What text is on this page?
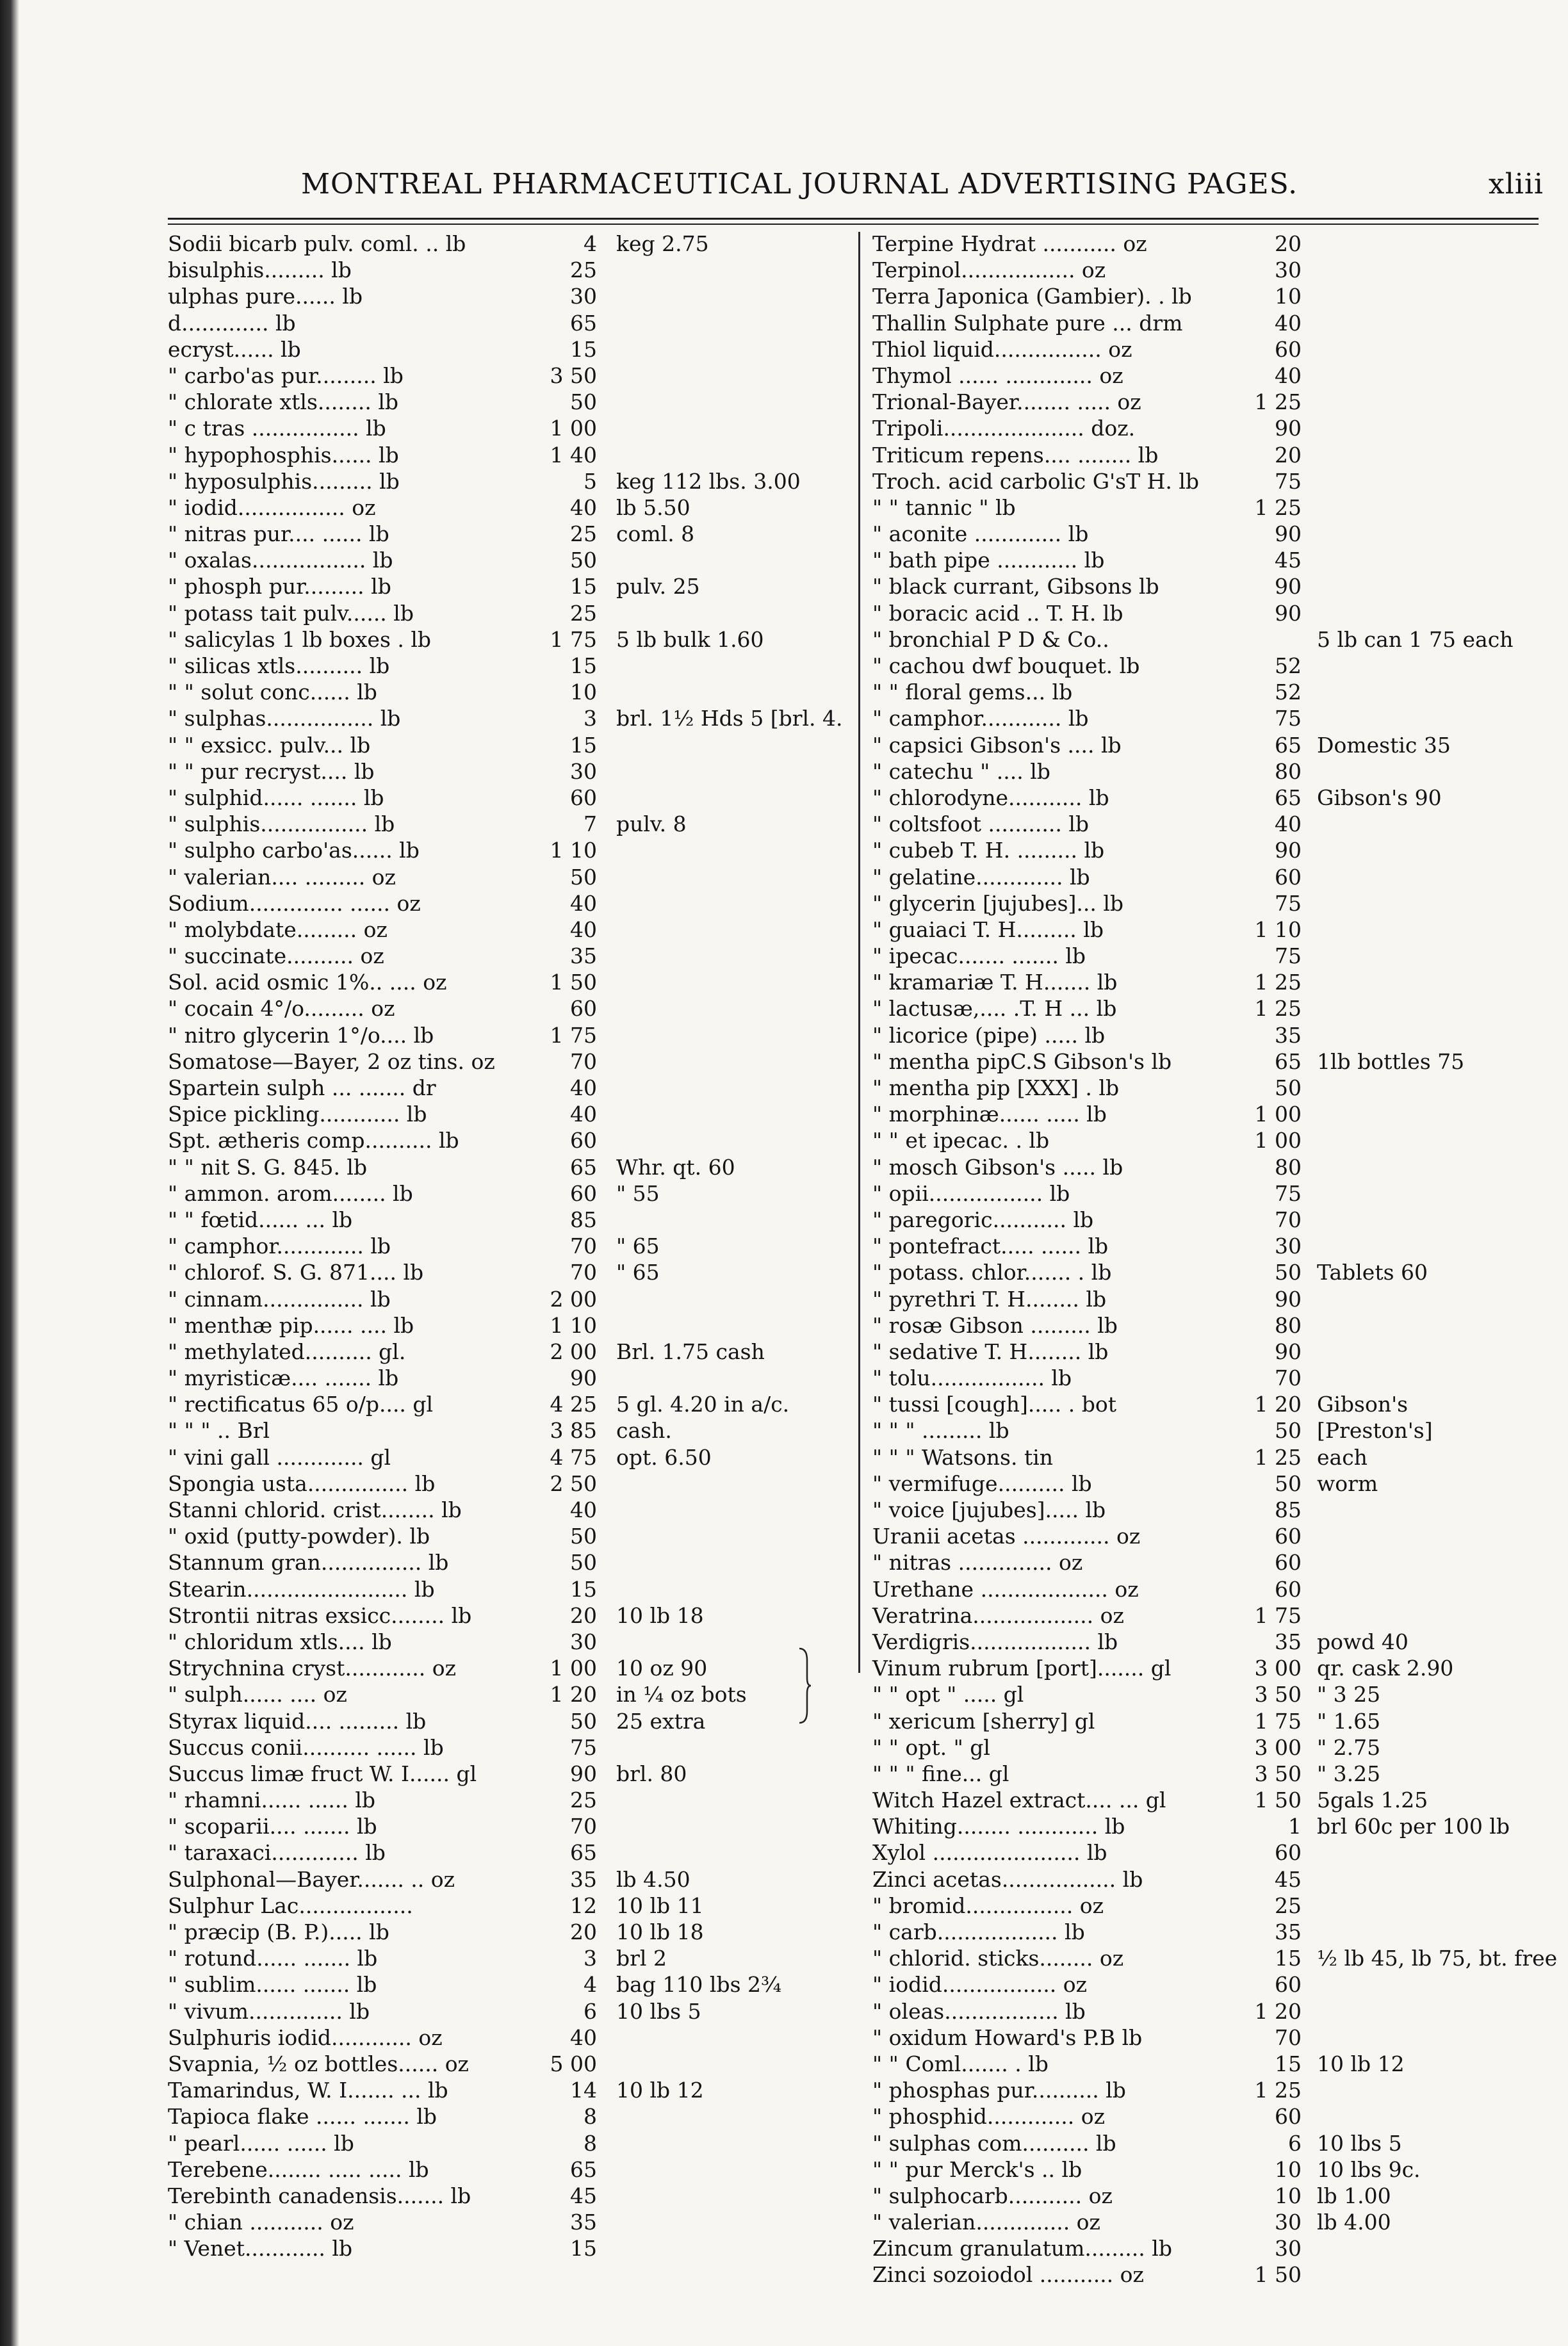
MONTREAL PHARMACEUTICAL JOURNAL ADVERTISING PAGES.	xliii
Sodii bicarb pulv. coml. .. lb	4 keg 2.75
bisulphis......... lb	25
ulphas pure...... lb	30
d............. lb	65
ecryst...... lb	15
" carbo'as pur......... lb	3 50
" chlorate xtls........ lb	50
" c tras ................ lb	1 00
" hypophosphis...... lb	1 40
" hyposulphis......... lb	5 keg 112 lbs. 3.00
" iodid................ oz	40 lb 5.50
" nitras pur.... ...... lb	25 coml. 8
" oxalas................. lb	50
" phosph pur......... lb	15 pulv. 25
" potass tait pulv...... lb	25
" salicylas 1 lb boxes . lb	1 75 5 lb bulk 1.60
" silicas xtls.......... lb	15
" " solut conc...... lb	10
" sulphas................ lb	3 brl. 1½ Hds 5 [brl. 4.
" " exsicc. pulv... lb	15
" " pur recryst.... lb	30
" sulphid...... ....... lb	60
" sulphis................ lb	7 pulv. 8
" sulpho carbo'as...... lb	1 10
" valerian.... ......... oz	50
Sodium.............. ...... oz	40
" molybdate......... oz	40
" succinate.......... oz	35
Sol. acid osmic 1%.. .... oz	1 50
" cocain 4°/o......... oz	60
" nitro glycerin 1°/o.... lb	1 75
Somatose—Bayer, 2 oz tins. oz	70
Spartein sulph ... ....... dr	40
Spice pickling............ lb	40
Spt. ætheris comp.......... lb	60
" " nit S. G. 845. lb	65 Whr. qt. 60
" ammon. arom........ lb	60 " 55
" " fœtid...... ... lb	85
" camphor............. lb	70 " 65
" chlorof. S. G. 871.... lb	70 " 65
" cinnam............... lb	2 00
" menthæ pip...... .... lb	1 10
" methylated.......... gl.	2 00 Brl. 1.75 cash
" myristicæ.... ....... lb	90
" rectificatus 65 o/p.... gl	4 25 5 gl. 4.20 in a/c.
" " " .. Brl	3 85 cash.
" vini gall ............. gl	4 75 opt. 6.50
Spongia usta............... lb	2 50
Stanni chlorid. crist........ lb	40
" oxid (putty-powder). lb	50
Stannum gran............... lb	50
Stearin........................ lb	15
Strontii nitras exsicc........ lb	20 10 lb 18
" chloridum xtls.... lb	30
Strychnina cryst............ oz	1 00 10 oz 90
" sulph...... .... oz	1 20 in ¼ oz bots
Styrax liquid.... ......... lb	50 25 extra
Succus conii.......... ...... lb	75
Succus limæ fruct W. I...... gl	90 brl. 80
" rhamni...... ...... lb	25
" scoparii.... ....... lb	70
" taraxaci............. lb	65
Sulphonal—Bayer....... .. oz	35 lb 4.50
Sulphur Lac.................	12 10 lb 11
" præcip (B. P.)..... lb	20 10 lb 18
" rotund...... ....... lb	3 brl 2
" sublim...... ....... lb	4 bag 110 lbs 2¾
" vivum.............. lb	6 10 lbs 5
Sulphuris iodid............ oz	40
Svapnia, ½ oz bottles...... oz	5 00
Tamarindus, W. I....... ... lb	14 10 lb 12
Tapioca flake ...... ....... lb	8
" pearl...... ...... lb	8
Terebene........ ..... ..... lb	65
Terebinth canadensis....... lb	45
" chian ........... oz	35
" Venet............ lb	15
Terpine Hydrat ........... oz	20
Terpinol................. oz	30
Terra Japonica (Gambier). . lb	10
Thallin Sulphate pure ... drm	40
Thiol liquid................ oz	60
Thymol ...... ............. oz	40
Trional-Bayer........ ..... oz	1 25
Tripoli..................... doz.	90
Triticum repens.... ........ lb	20
Troch. acid carbolic G'sT H. lb	75
" " tannic " lb	1 25
" aconite ............. lb	90
" bath pipe ............ lb	45
" black currant, Gibsons lb	90
" boracic acid .. T. H. lb	90
" bronchial P D & Co..	5 lb can 1 75 each
" cachou dwf bouquet. lb	52
" " floral gems... lb	52
" camphor............ lb	75
" capsici Gibson's .... lb	65 Domestic 35
" catechu " .... lb	80
" chlorodyne........... lb	65 Gibson's 90
" coltsfoot ........... lb	40
" cubeb T. H. ......... lb	90
" gelatine............. lb	60
" glycerin [jujubes]... lb	75
" guaiaci T. H......... lb	1 10
" ipecac....... ....... lb	75
" kramariæ T. H....... lb	1 25
" lactusæ,.... .T. H ... lb	1 25
" licorice (pipe) ..... lb	35
" mentha pipC.S Gibson's lb	65 1lb bottles 75
" mentha pip [XXX] . lb	50
" morphinæ...... ..... lb	1 00
" " et ipecac. . lb	1 00
" mosch Gibson's ..... lb	80
" opii................. lb	75
" paregoric........... lb	70
" pontefract..... ...... lb	30
" potass. chlor....... . lb	50 Tablets 60
" pyrethri T. H........ lb	90
" rosæ Gibson ......... lb	80
" sedative T. H........ lb	90
" tolu................. lb	70
" tussi [cough]..... . bot	1 20 Gibson's
" " " ......... lb	50 [Preston's]
" " " Watsons. tin	1 25 each
" vermifuge.......... lb	50 worm
" voice [jujubes]..... lb	85
Uranii acetas ............. oz	60
" nitras .............. oz	60
Urethane ................... oz	60
Veratrina.................. oz	1 75
Verdigris.................. lb	35 powd 40
Vinum rubrum [port]....... gl	3 00 qr. cask 2.90
" " opt " ..... gl	3 50 " 3 25
" xericum [sherry] gl	1 75 " 1.65
" " opt. " gl	3 00 " 2.75
" " " fine... gl	3 50 " 3.25
Witch Hazel extract.... ... gl	1 50 5gals 1.25
Whiting........ ............ lb	1 brl 60c per 100 lb
Xylol ...................... lb	60
Zinci acetas................. lb	45
" bromid................ oz	25
" carb.................. lb	35
" chlorid. sticks........ oz	15 ½ lb 45, lb 75, bt. free
" iodid................. oz	60
" oleas................. lb	1 20
" oxidum Howard's P.B lb	70
" " Coml....... . lb	15 10 lb 12
" phosphas pur.......... lb	1 25
" phosphid............. oz	60
" sulphas com.......... lb	6 10 lbs 5
" " pur Merck's .. lb	10 10 lbs 9c.
" sulphocarb........... oz	10 lb 1.00
" valerian.............. oz	30 lb 4.00
Zincum granulatum......... lb	30
Zinci sozoiodol ........... oz	1 50
